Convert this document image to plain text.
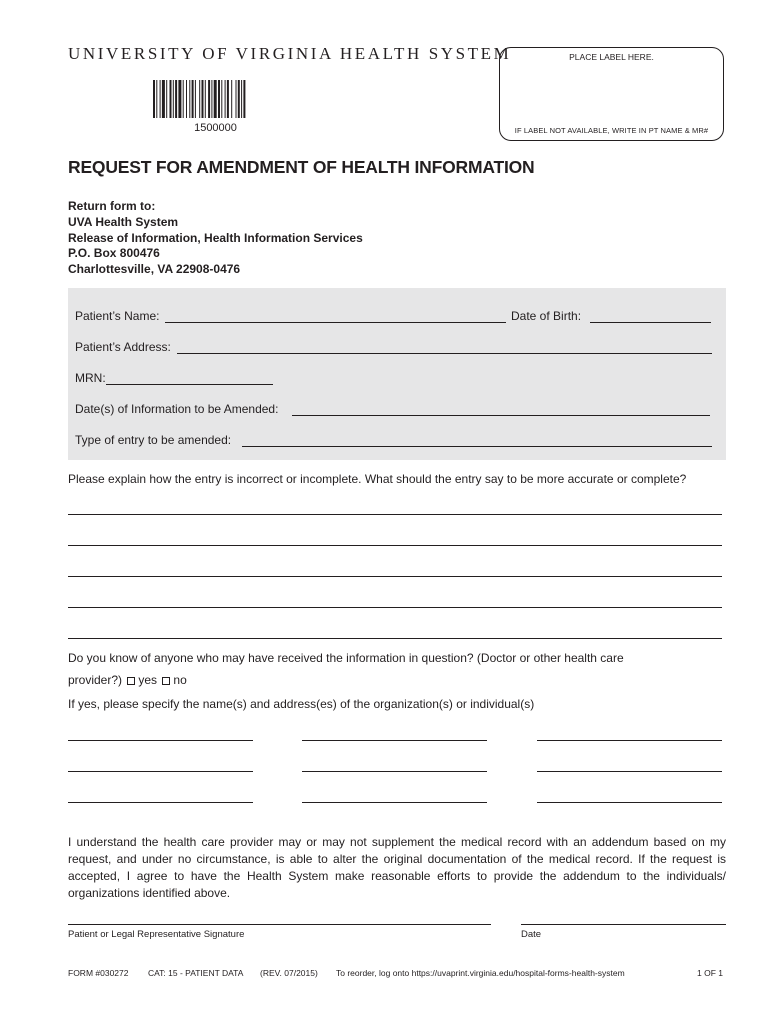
UNIVERSITY OF VIRGINIA HEALTH SYSTEM
1500000
PLACE LABEL HERE.
IF LABEL NOT AVAILABLE, WRITE IN PT NAME & MR#
REQUEST FOR AMENDMENT OF HEALTH INFORMATION
Return form to:
UVA Health System
Release of Information, Health Information Services
P.O. Box 800476
Charlottesville, VA 22908-0476
Patient’s Name:	Date of Birth:
Patient’s Address:
MRN:
Date(s) of Information to be Amended:
Type of entry to be amended:
Please explain how the entry is incorrect or incomplete. What should the entry say to be more accurate or complete?
Do you know of anyone who may have received the information in question? (Doctor or other health care
provider?) yes no
If yes, please specify the name(s) and address(es) of the organization(s) or individual(s)
I understand the health care provider may or may not supplement the medical record with an addendum based on my request, and under no circumstance, is able to alter the original documentation of the medical record. If the request is accepted, I agree to have the Health System make reasonable efforts to provide the addendum to the individuals/ organizations identified above.
Patient or Legal Representative Signature	Date
FORM #030272 CAT: 15 - PATIENT DATA (REV. 07/2015) To reorder, log onto https://uvaprint.virginia.edu/hospital-forms-health-system	1 OF 1
